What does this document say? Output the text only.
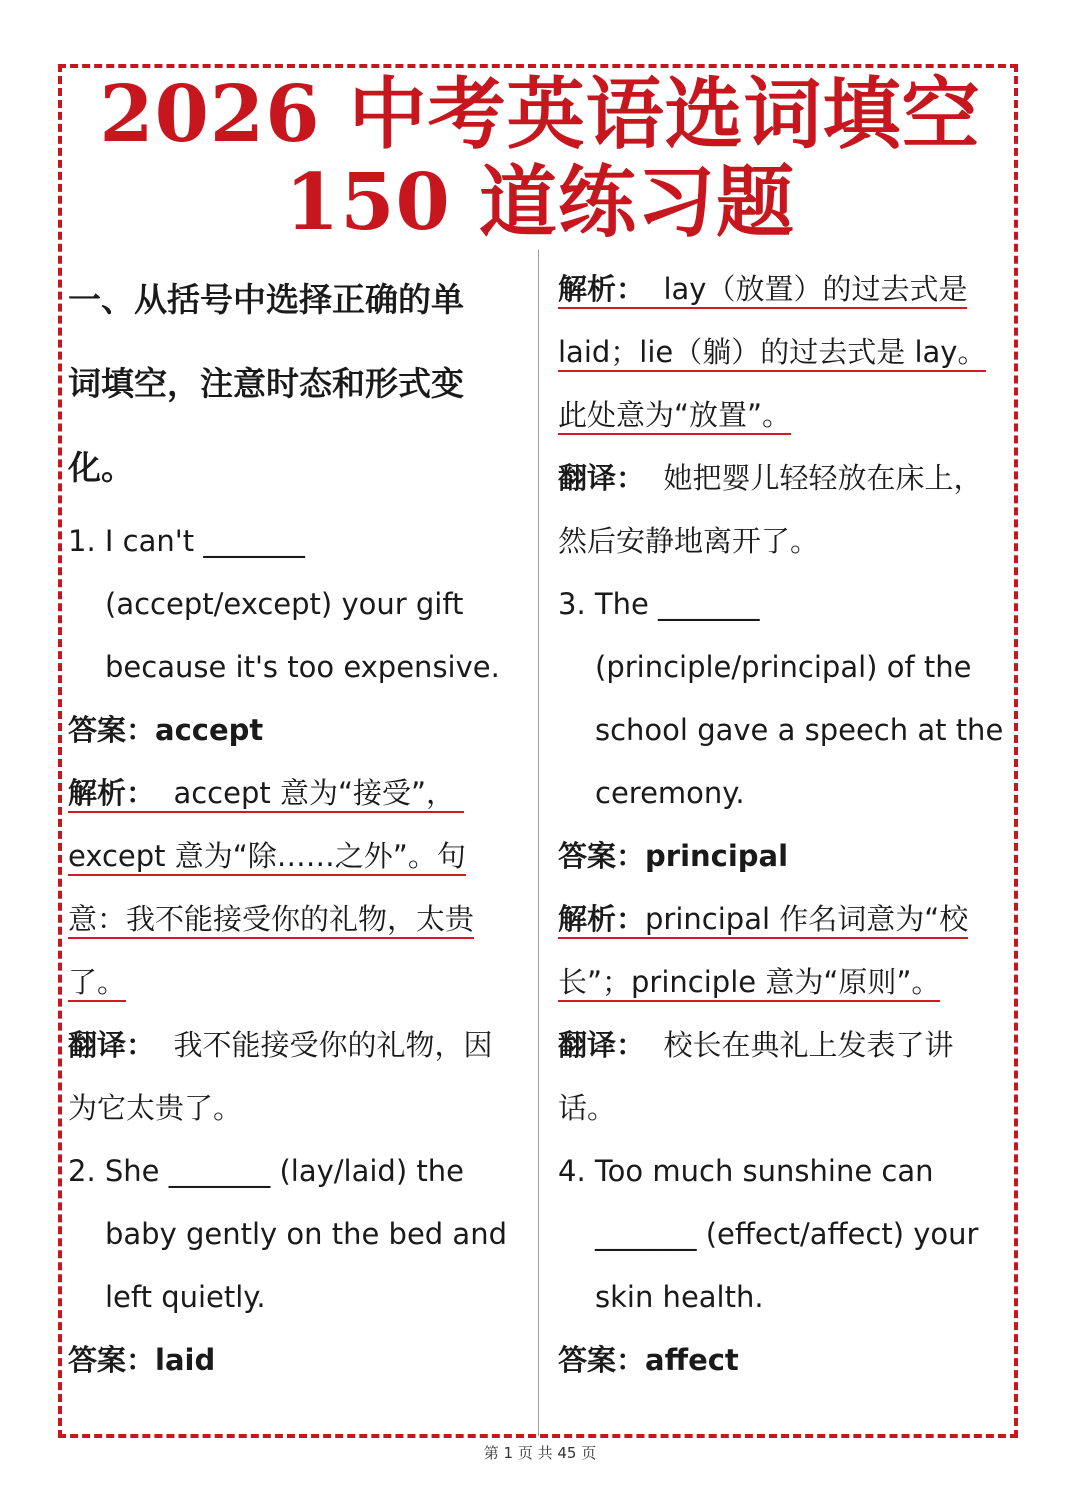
2026 中考英语选词填空
150 道练习题
一、从括号中选择正确的单
词填空，注意时态和形式变
化。
1. I can't _______
(accept/except) your gift
because it's too expensive.
答案：accept
解析： accept 意为“接受”，
except 意为“除……之外”。句
意：我不能接受你的礼物，太贵
了。
翻译： 我不能接受你的礼物，因
为它太贵了。
2. She _______ (lay/laid) the
baby gently on the bed and
left quietly.
答案：laid
解析： lay（放置）的过去式是
laid；lie（躺）的过去式是 lay。
此处意为“放置”。
翻译： 她把婴儿轻轻放在床上，
然后安静地离开了。
3. The _______
(principle/principal) of the
school gave a speech at the
ceremony.
答案：principal
解析：principal 作名词意为“校
长”；principle 意为“原则”。
翻译： 校长在典礼上发表了讲
话。
4. Too much sunshine can
_______ (effect/affect) your
skin health.
答案：affect
第 1 页 共 45 页
